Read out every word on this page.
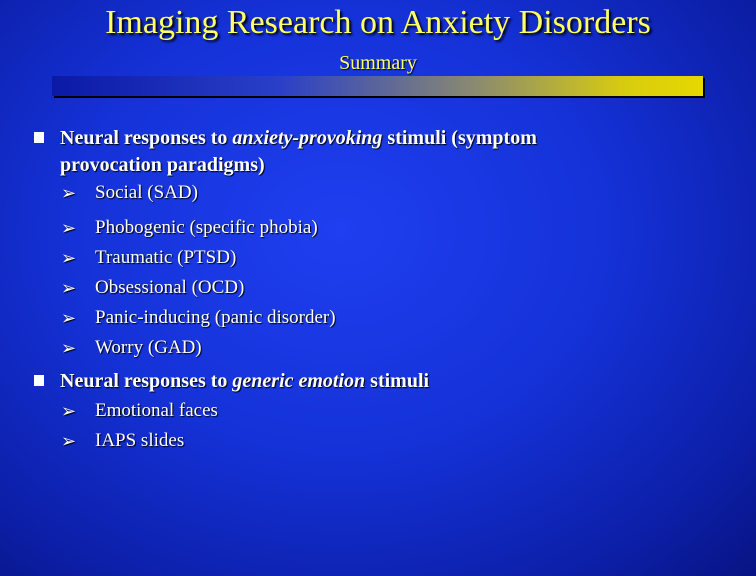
Imaging Research on Anxiety Disorders
Summary
Neural responses to anxiety-provoking stimuli (symptom
provocation paradigms)
➢ Social (SAD)
➢ Phobogenic (specific phobia)
➢ Traumatic (PTSD)
➢ Obsessional (OCD)
➢ Panic-inducing (panic disorder)
➢ Worry (GAD)
Neural responses to generic emotion stimuli
➢ Emotional faces
➢ IAPS slides
